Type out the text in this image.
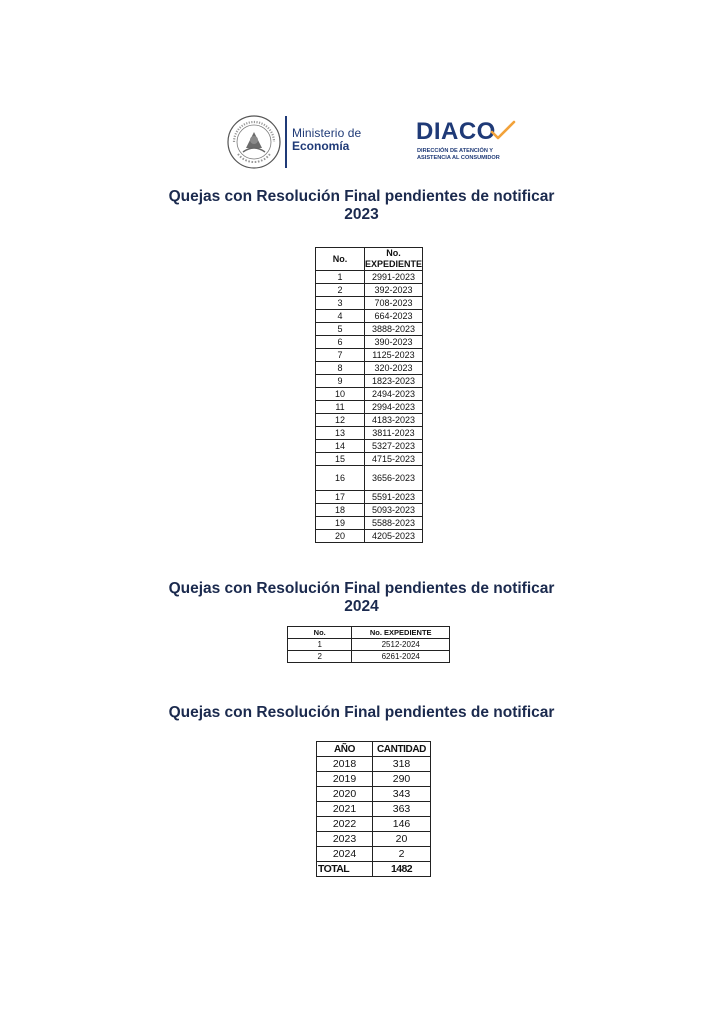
Ministerio de
Economía
DIACO
DIRECCIÓN DE ATENCIÓN Y
ASISTENCIA AL CONSUMIDOR
Quejas con Resolución Final pendientes de notificar
2023
No.	No.
EXPEDIENTE
1	2991-2023
2	392-2023
3	708-2023
4	664-2023
5	3888-2023
6	390-2023
7	1125-2023
8	320-2023
9	1823-2023
10	2494-2023
11	2994-2023
12	4183-2023
13	3811-2023
14	5327-2023
15	4715-2023
16	3656-2023
17	5591-2023
18	5093-2023
19	5588-2023
20	4205-2023
Quejas con Resolución Final pendientes de notificar
2024
No.	No. EXPEDIENTE
1	2512-2024
2	6261-2024
Quejas con Resolución Final pendientes de notificar
AÑO	CANTIDAD
2018	318
2019	290
2020	343
2021	363
2022	146
2023	20
2024	2
TOTAL	1482
